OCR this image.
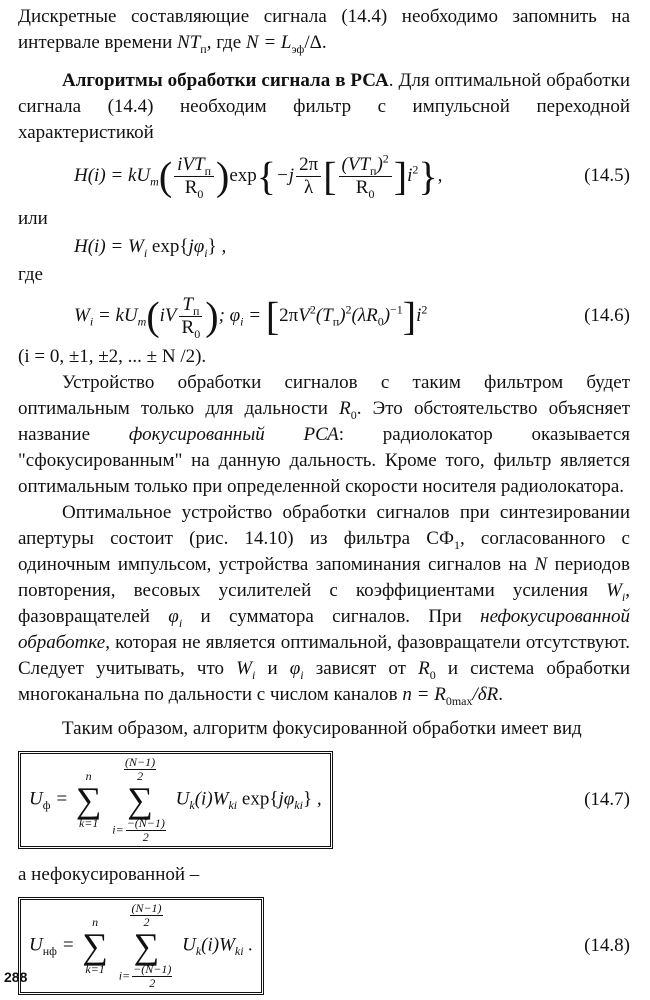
Дискретные составляющие сигнала (14.4) необходимо запомнить на интервале времени $NT_п$, где $N = L_{эф}/\Delta$.

Алгоритмы обработки сигнала в РСА. Для оптимальной обработки сигнала (14.4) необходим фильтр с импульсной переходной характеристикой

$H(i) = kU_m( \frac{iVT_п}{R_0} )\exp\{-j \frac{2\pi}{\lambda}$ [ $\frac{(VT_п)^2}{R_0} ]i^2$},	(14.5)

или

$H(i) = W_i$ $\exp\{j\varphi_i\}$ ,

где

$W_i = kU_m(iV \frac{T_п}{R_0}$ ); $\varphi_i = [2\pi V^2(T_п)^2(\lambda R_0)^{-1}]i^2$	(14.6)

(i = 0, ±1, ±2, ... ± N /2).

Устройство обработки сигналов с таким фильтром будет оптимальным только для дальности $R_0$. Это обстоятельство объясняет название фокусированный РСА: радиолокатор оказывается "сфокусированным" на данную дальность. Кроме того, фильтр является оптимальным только при определенной скорости носителя радиолокатора.

Оптимальное устройство обработки сигналов при синтезировании апертуры состоит (рис. 14.10) из фильтра $СФ_1$, согласованного с одиночным импульсом, устройства запоминания сигналов на N периодов повторения, весовых усилителей с коэффициентами усиления $W_i$, фазовращателей $\varphi_i$ и сумматора сигналов. При нефокусированной обработке, которая не является оптимальной, фазовращатели отсутствуют. Следует учитывать, что $W_i$ и $\varphi_i$ зависят от $R_0$ и система обработки многоканальна по дальности с числом каналов $n = R_{0max}/\delta R$.

Таким образом, алгоритм фокусированной обработки имеет вид

$U_ф$ =
n
∑
k=1

$\frac{(N-1)}{2}$
∑
$i= \frac{-(N-1)}{2}$
$U_k(i)W_{ki}$ $\exp\{j\varphi_{ki}\}$ ,	(14.7)

а нефокусированной –

$U_{нф}$ =
n
∑
k=1

$\frac{(N-1)}{2}$
∑
$i= \frac{-(N-1)}{2}$
$U_k(i)W_{ki}$ .	(14.8)
288
